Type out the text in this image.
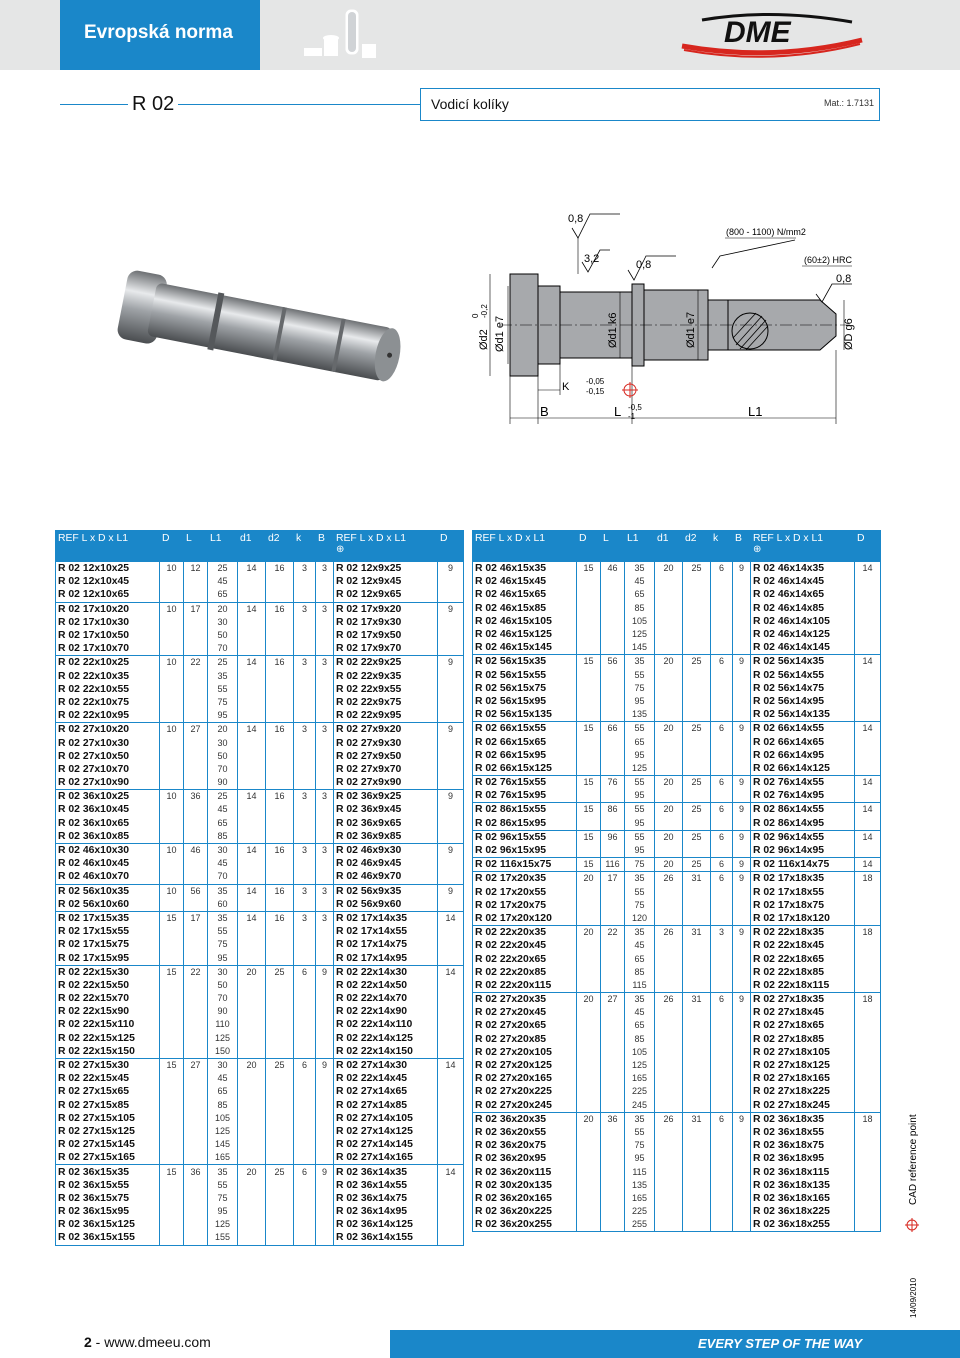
Evropská norma	DME
R 02	Vodicí kolíky	Mat.: 1.7131
Ød2
0 -0,2
Ød1 e7	Ød1 k6	Ød1 e7	ØD g6
0,8
3,2	0,8
(800 - 1100) N/mm2
(60±2) HRC
0,8
K -0,05
-0,15
B	L -0,5
-1	L1
REF L x D x L1	D	L	L1	d1	d2	k	B	REF L x D x L1
⊕	D
R 02 12x10x25	10	12	25	14	16	3	3	R 02 12x9x25	9
R 02 12x10x45			45					R 02 12x9x45	
R 02 12x10x65			65					R 02 12x9x65	
R 02 17x10x20	10	17	20	14	16	3	3	R 02 17x9x20	9
R 02 17x10x30			30					R 02 17x9x30	
R 02 17x10x50			50					R 02 17x9x50	
R 02 17x10x70			70					R 02 17x9x70	
R 02 22x10x25	10	22	25	14	16	3	3	R 02 22x9x25	9
R 02 22x10x35			35					R 02 22x9x35	
R 02 22x10x55			55					R 02 22x9x55	
R 02 22x10x75			75					R 02 22x9x75	
R 02 22x10x95			95					R 02 22x9x95	
R 02 27x10x20	10	27	20	14	16	3	3	R 02 27x9x20	9
R 02 27x10x30			30					R 02 27x9x30	
R 02 27x10x50			50					R 02 27x9x50	
R 02 27x10x70			70					R 02 27x9x70	
R 02 27x10x90			90					R 02 27x9x90	
R 02 36x10x25	10	36	25	14	16	3	3	R 02 36x9x25	9
R 02 36x10x45			45					R 02 36x9x45	
R 02 36x10x65			65					R 02 36x9x65	
R 02 36x10x85			85					R 02 36x9x85	
R 02 46x10x30	10	46	30	14	16	3	3	R 02 46x9x30	9
R 02 46x10x45			45					R 02 46x9x45	
R 02 46x10x70			70					R 02 46x9x70	
R 02 56x10x35	10	56	35	14	16	3	3	R 02 56x9x35	9
R 02 56x10x60			60					R 02 56x9x60	
R 02 17x15x35	15	17	35	14	16	3	3	R 02 17x14x35	14
R 02 17x15x55			55					R 02 17x14x55	
R 02 17x15x75			75					R 02 17x14x75	
R 02 17x15x95			95					R 02 17x14x95	
R 02 22x15x30	15	22	30	20	25	6	9	R 02 22x14x30	14
R 02 22x15x50			50					R 02 22x14x50	
R 02 22x15x70			70					R 02 22x14x70	
R 02 22x15x90			90					R 02 22x14x90	
R 02 22x15x110			110					R 02 22x14x110	
R 02 22x15x125			125					R 02 22x14x125	
R 02 22x15x150			150					R 02 22x14x150	
R 02 27x15x30	15	27	30	20	25	6	9	R 02 27x14x30	14
R 02 22x15x45			45					R 02 22x14x45	
R 02 27x15x65			65					R 02 27x14x65	
R 02 27x15x85			85					R 02 27x14x85	
R 02 27x15x105			105					R 02 27x14x105	
R 02 27x15x125			125					R 02 27x14x125	
R 02 27x15x145			145					R 02 27x14x145	
R 02 27x15x165			165					R 02 27x14x165	
R 02 36x15x35	15	36	35	20	25	6	9	R 02 36x14x35	14
R 02 36x15x55			55					R 02 36x14x55	
R 02 36x15x75			75					R 02 36x14x75	
R 02 36x15x95			95					R 02 36x14x95	
R 02 36x15x125			125					R 02 36x14x125	
R 02 36x15x155			155					R 02 36x14x155	
REF L x D x L1	D	L	L1	d1	d2	k	B	REF L x D x L1
⊕	D
R 02 46x15x35	15	46	35	20	25	6	9	R 02 46x14x35	14
R 02 46x15x45			45					R 02 46x14x45	
R 02 46x15x65			65					R 02 46x14x65	
R 02 46x15x85			85					R 02 46x14x85	
R 02 46x15x105			105					R 02 46x14x105	
R 02 46x15x125			125					R 02 46x14x125	
R 02 46x15x145			145					R 02 46x14x145	
R 02 56x15x35	15	56	35	20	25	6	9	R 02 56x14x35	14
R 02 56x15x55			55					R 02 56x14x55	
R 02 56x15x75			75					R 02 56x14x75	
R 02 56x15x95			95					R 02 56x14x95	
R 02 56x15x135			135					R 02 56x14x135	
R 02 66x15x55	15	66	55	20	25	6	9	R 02 66x14x55	14
R 02 66x15x65			65					R 02 66x14x65	
R 02 66x15x95			95					R 02 66x14x95	
R 02 66x15x125			125					R 02 66x14x125	
R 02 76x15x55	15	76	55	20	25	6	9	R 02 76x14x55	14
R 02 76x15x95			95					R 02 76x14x95	
R 02 86x15x55	15	86	55	20	25	6	9	R 02 86x14x55	14
R 02 86x15x95			95					R 02 86x14x95	
R 02 96x15x55	15	96	55	20	25	6	9	R 02 96x14x55	14
R 02 96x15x95			95					R 02 96x14x95	
R 02 116x15x75	15	116	75	20	25	6	9	R 02 116x14x75	14
R 02 17x20x35	20	17	35	26	31	6	9	R 02 17x18x35	18
R 02 17x20x55			55					R 02 17x18x55	
R 02 17x20x75			75					R 02 17x18x75	
R 02 17x20x120			120					R 02 17x18x120	
R 02 22x20x35	20	22	35	26	31	3	9	R 02 22x18x35	18
R 02 22x20x45			45					R 02 22x18x45	
R 02 22x20x65			65					R 02 22x18x65	
R 02 22x20x85			85					R 02 22x18x85	
R 02 22x20x115			115					R 02 22x18x115	
R 02 27x20x35	20	27	35	26	31	6	9	R 02 27x18x35	18
R 02 27x20x45			45					R 02 27x18x45	
R 02 27x20x65			65					R 02 27x18x65	
R 02 27x20x85			85					R 02 27x18x85	
R 02 27x20x105			105					R 02 27x18x105	
R 02 27x20x125			125					R 02 27x18x125	
R 02 27x20x165			165					R 02 27x18x165	
R 02 27x20x225			225					R 02 27x18x225	
R 02 27x20x245			245					R 02 27x18x245	
R 02 36x20x35	20	36	35	26	31	6	9	R 02 36x18x35	18
R 02 36x20x55			55					R 02 36x18x55	
R 02 36x20x75			75					R 02 36x18x75	
R 02 36x20x95			95					R 02 36x18x95	
R 02 36x20x115			115					R 02 36x18x115	
R 02 30x20x135			135					R 02 36x18x135	
R 02 36x20x165			165					R 02 36x18x165	
R 02 36x20x225			225					R 02 36x18x225	
R 02 36x20x255			255					R 02 36x18x255	
CAD reference point
14/09/2010
2 - www.dmeeu.com	EVERY STEP OF THE WAY
